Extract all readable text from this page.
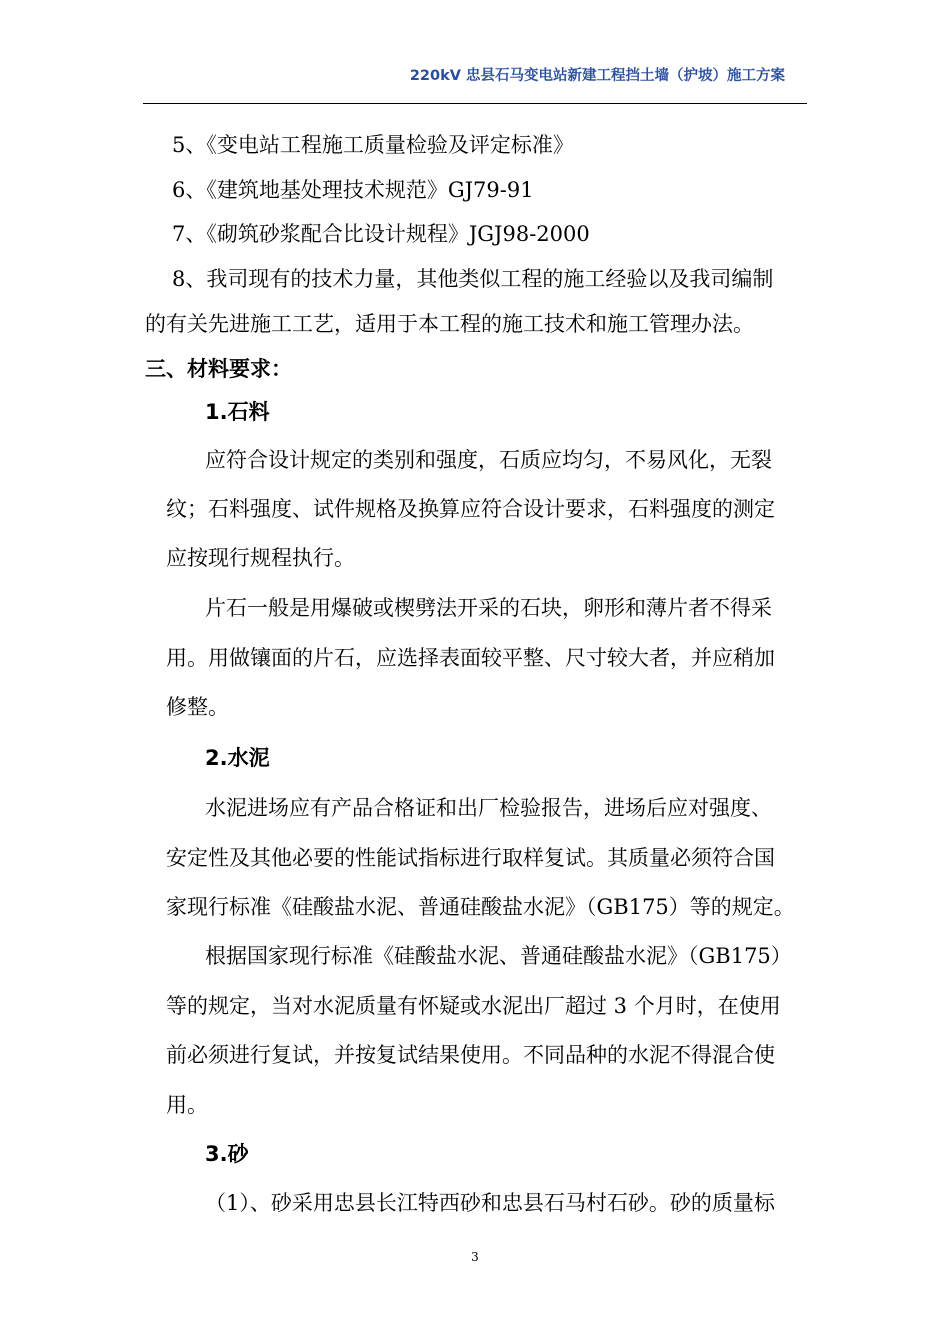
220kV 忠县石马变电站新建工程挡土墙（护坡）施工方案
5、《变电站工程施工质量检验及评定标准》
6、《建筑地基处理技术规范》GJ79-91
7、《砌筑砂浆配合比设计规程》JGJ98-2000
8、我司现有的技术力量，其他类似工程的施工经验以及我司编制
的有关先进施工工艺，适用于本工程的施工技术和施工管理办法。
三、材料要求：
1.石料
应符合设计规定的类别和强度，石质应均匀，不易风化，无裂
纹；石料强度、试件规格及换算应符合设计要求，石料强度的测定
应按现行规程执行。
片石一般是用爆破或楔劈法开采的石块，卵形和薄片者不得采
用。用做镶面的片石，应选择表面较平整、尺寸较大者，并应稍加
修整。
2.水泥
水泥进场应有产品合格证和出厂检验报告，进场后应对强度、
安定性及其他必要的性能试指标进行取样复试。其质量必须符合国
家现行标准《硅酸盐水泥、普通硅酸盐水泥》（GB175）等的规定。
根据国家现行标准《硅酸盐水泥、普通硅酸盐水泥》（GB175）
等的规定，当对水泥质量有怀疑或水泥出厂超过 3 个月时，在使用
前必须进行复试，并按复试结果使用。不同品种的水泥不得混合使
用。
3.砂
（1）、砂采用忠县长江特西砂和忠县石马村石砂。砂的质量标
3
